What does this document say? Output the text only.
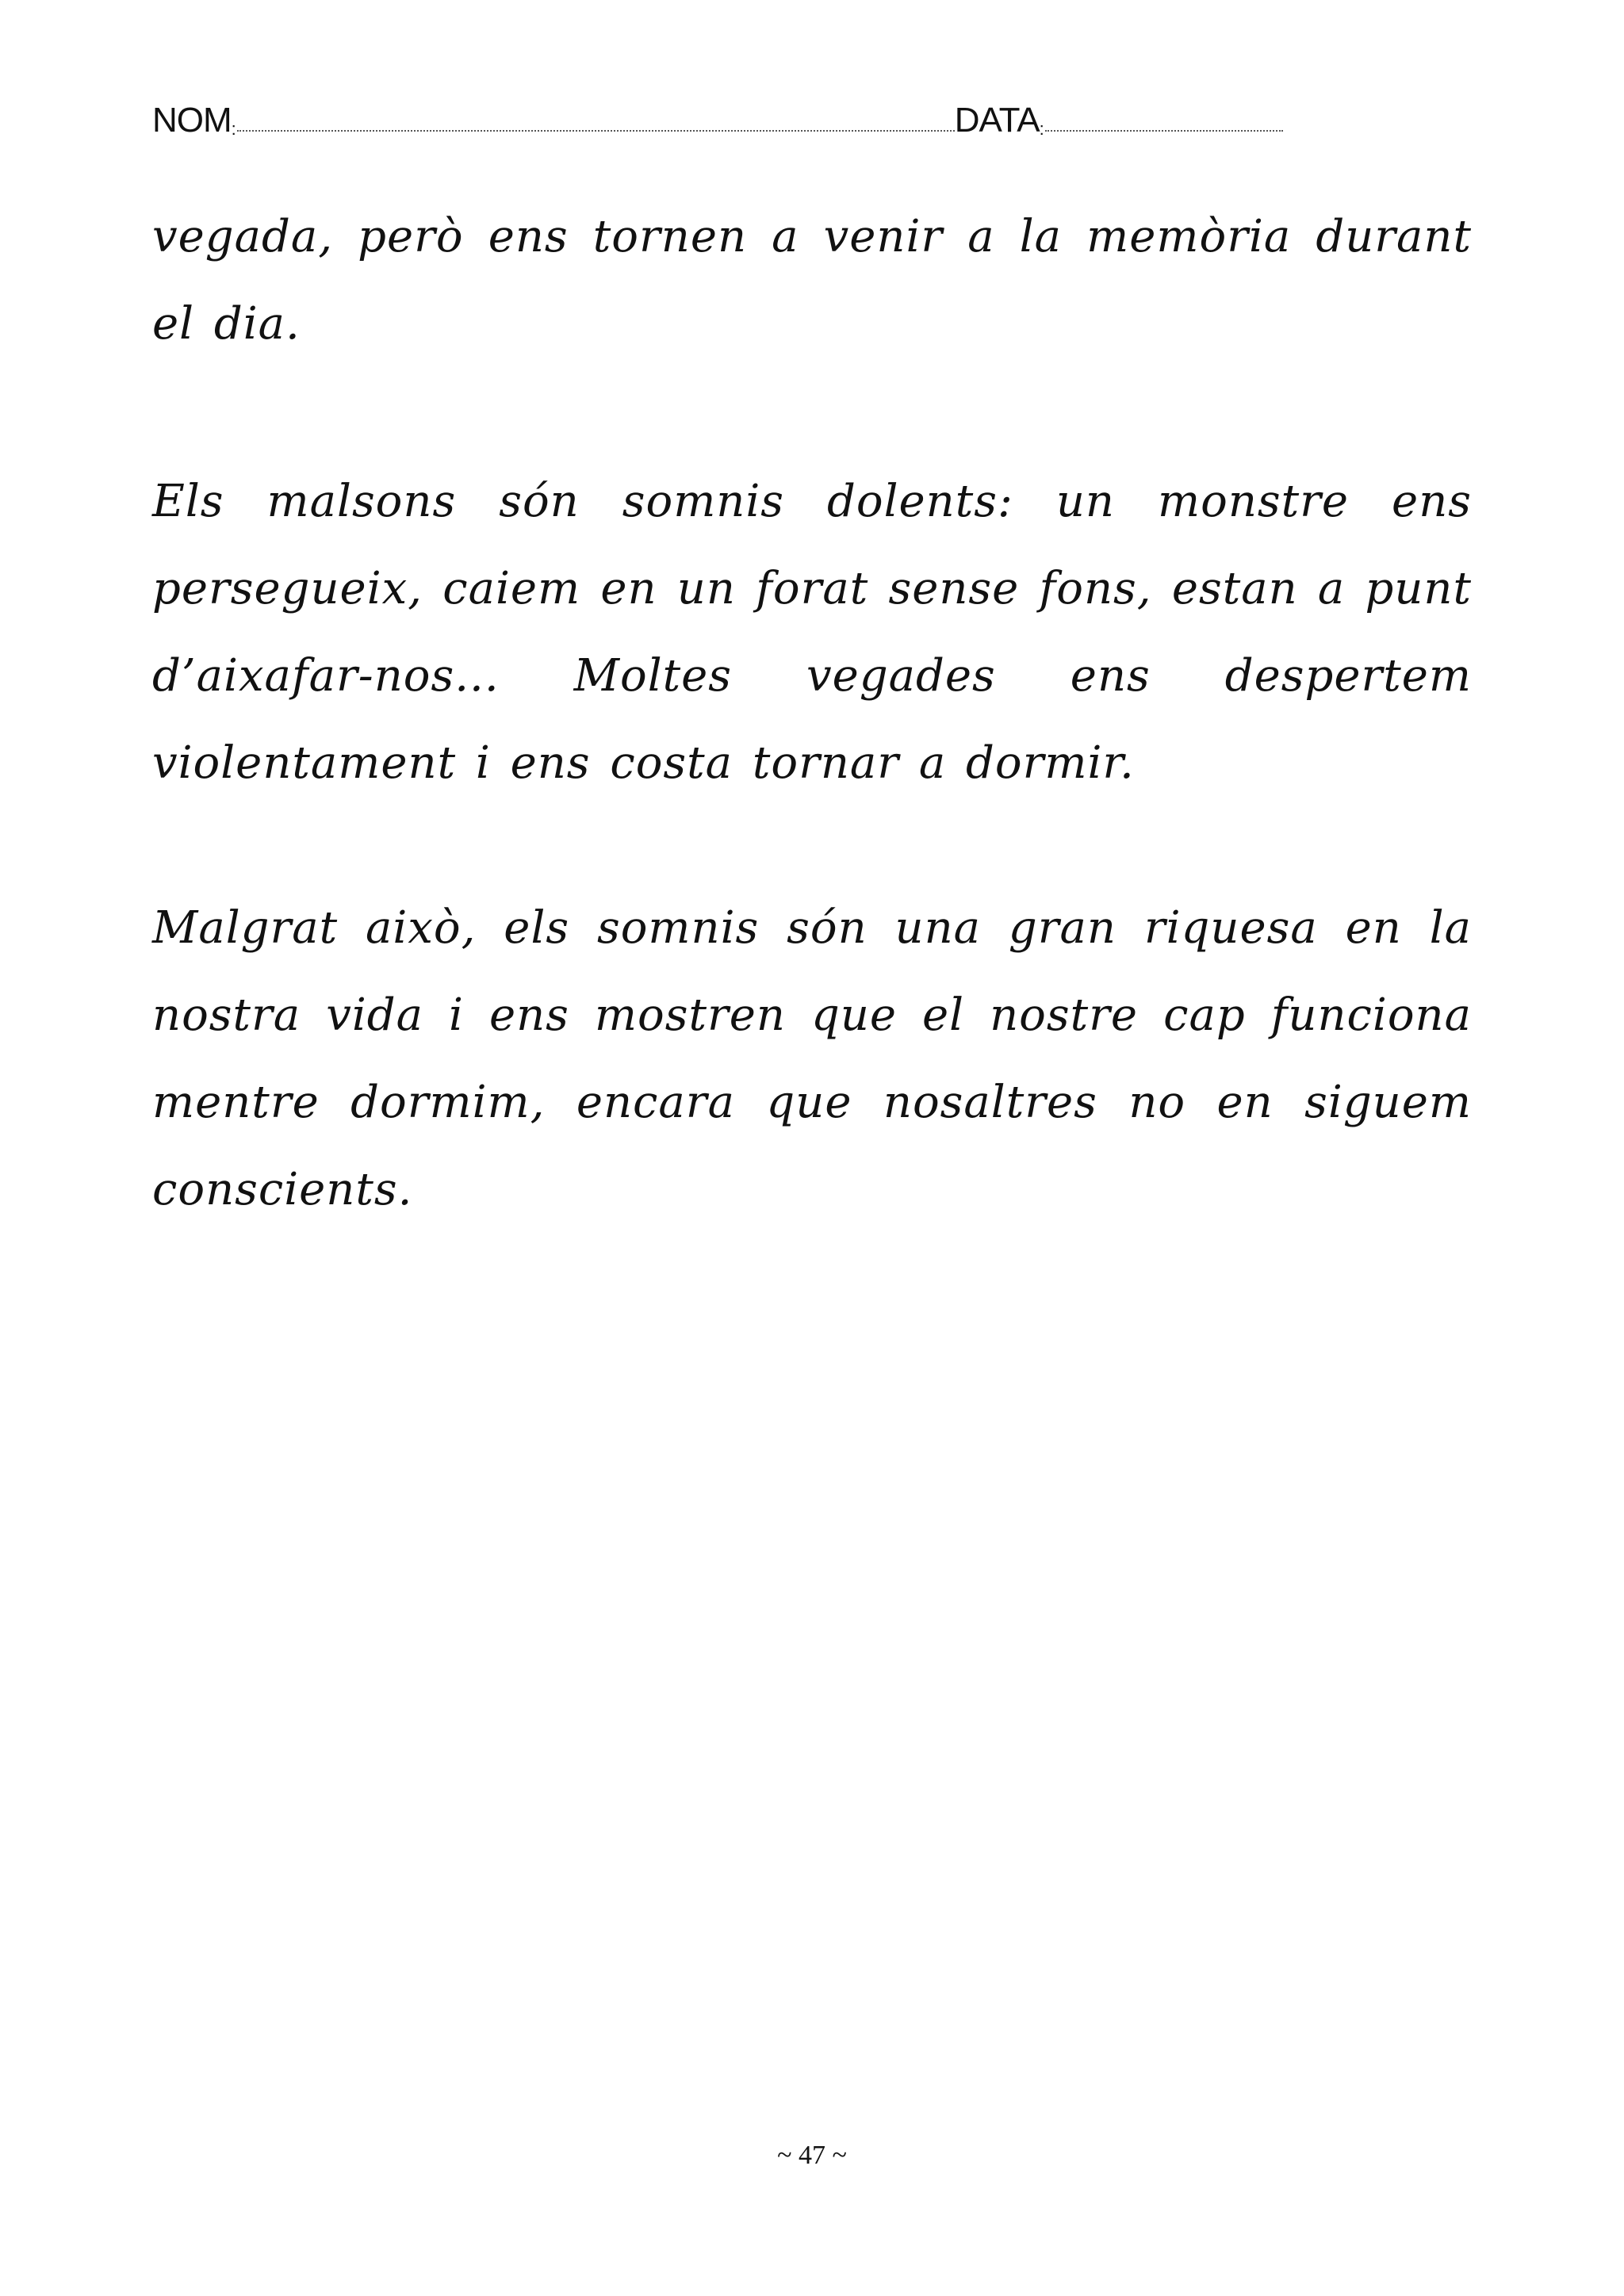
NOM :	DATA :

vegada, però ens tornen a venir a la memòria durant el dia.

Els malsons són somnis dolents: un monstre ens persegueix, caiem en un forat sense fons, estan a punt d’aixafar-nos... Moltes vegades ens despertem violentament i ens costa tornar a dormir.

Malgrat això, els somnis són una gran riquesa en la nostra vida i ens mostren que el nostre cap funciona mentre dormim, encara que nosaltres no en siguem conscients.

~ 47 ~
